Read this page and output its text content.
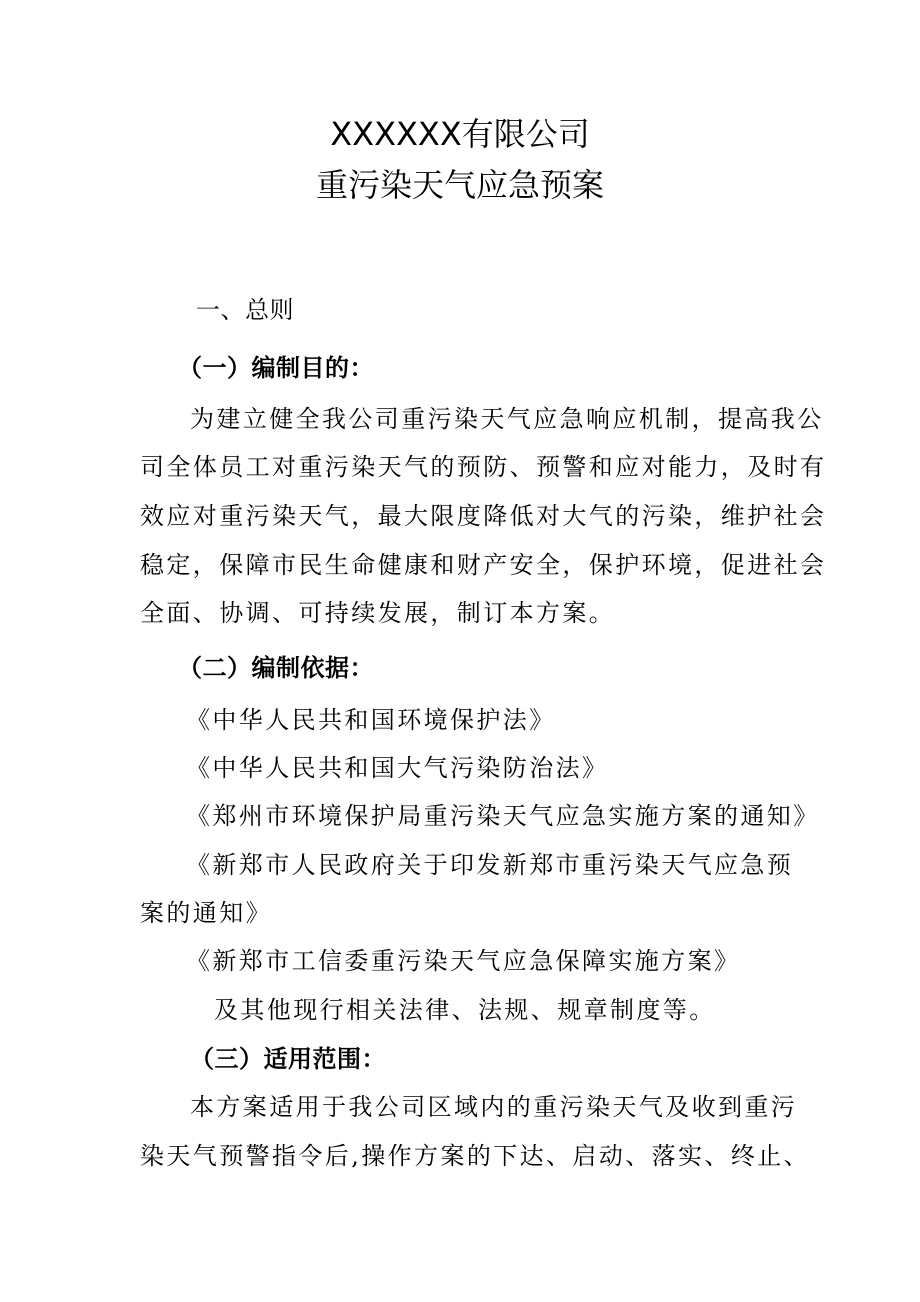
XXXXXX有限公司
重污染天气应急预案
一、总则
（一）编制目的：
为建立健全我公司重污染天气应急响应机制，提高我公
司全体员工对重污染天气的预防、预警和应对能力，及时有
效应对重污染天气，最大限度降低对大气的污染，维护社会
稳定，保障市民生命健康和财产安全，保护环境，促进社会
全面、协调、可持续发展，制订本方案。
（二）编制依据：
《中华人民共和国环境保护法》
《中华人民共和国大气污染防治法》
《郑州市环境保护局重污染天气应急实施方案的通知》
《新郑市人民政府关于印发新郑市重污染天气应急预
案的通知》
《新郑市工信委重污染天气应急保障实施方案》
及其他现行相关法律、法规、规章制度等。
（三）适用范围：
本方案适用于我公司区域内的重污染天气及收到重污
染天气预警指令后,操作方案的下达、启动、落实、终止、
